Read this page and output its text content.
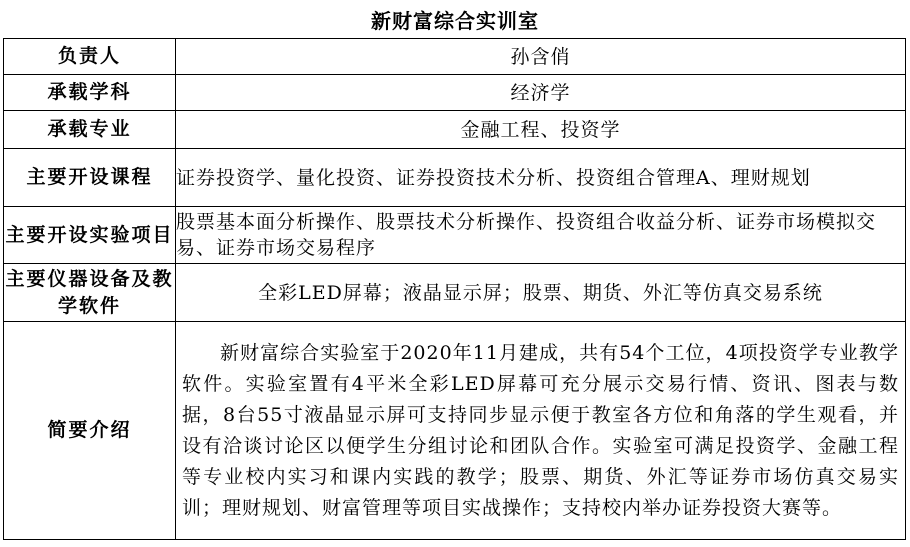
新财富综合实训室
负责人	孙含俏
承载学科	经济学
承载专业	金融工程、投资学
主要开设课程	证券投资学、量化投资、证券投资技术分析、投资组合管理A、理财规划
主要开设实验项目	股票基本面分析操作、股票技术分析操作、投资组合收益分析、证券市场模拟交易、证券市场交易程序
主要仪器设备及教学软件	全彩LED屏幕；液晶显示屏；股票、期货、外汇等仿真交易系统
简要介绍	新财富综合实验室于2020年11月建成，共有54个工位，4项投资学专业教学软件。实验室置有4平米全彩LED屏幕可充分展示交易行情、资讯、图表与数据，8台55寸液晶显示屏可支持同步显示便于教室各方位和角落的学生观看，并设有洽谈讨论区以便学生分组讨论和团队合作。实验室可满足投资学、金融工程等专业校内实习和课内实践的教学；股票、期货、外汇等证券市场仿真交易实训；理财规划、财富管理等项目实战操作；支持校内举办证券投资大赛等。
